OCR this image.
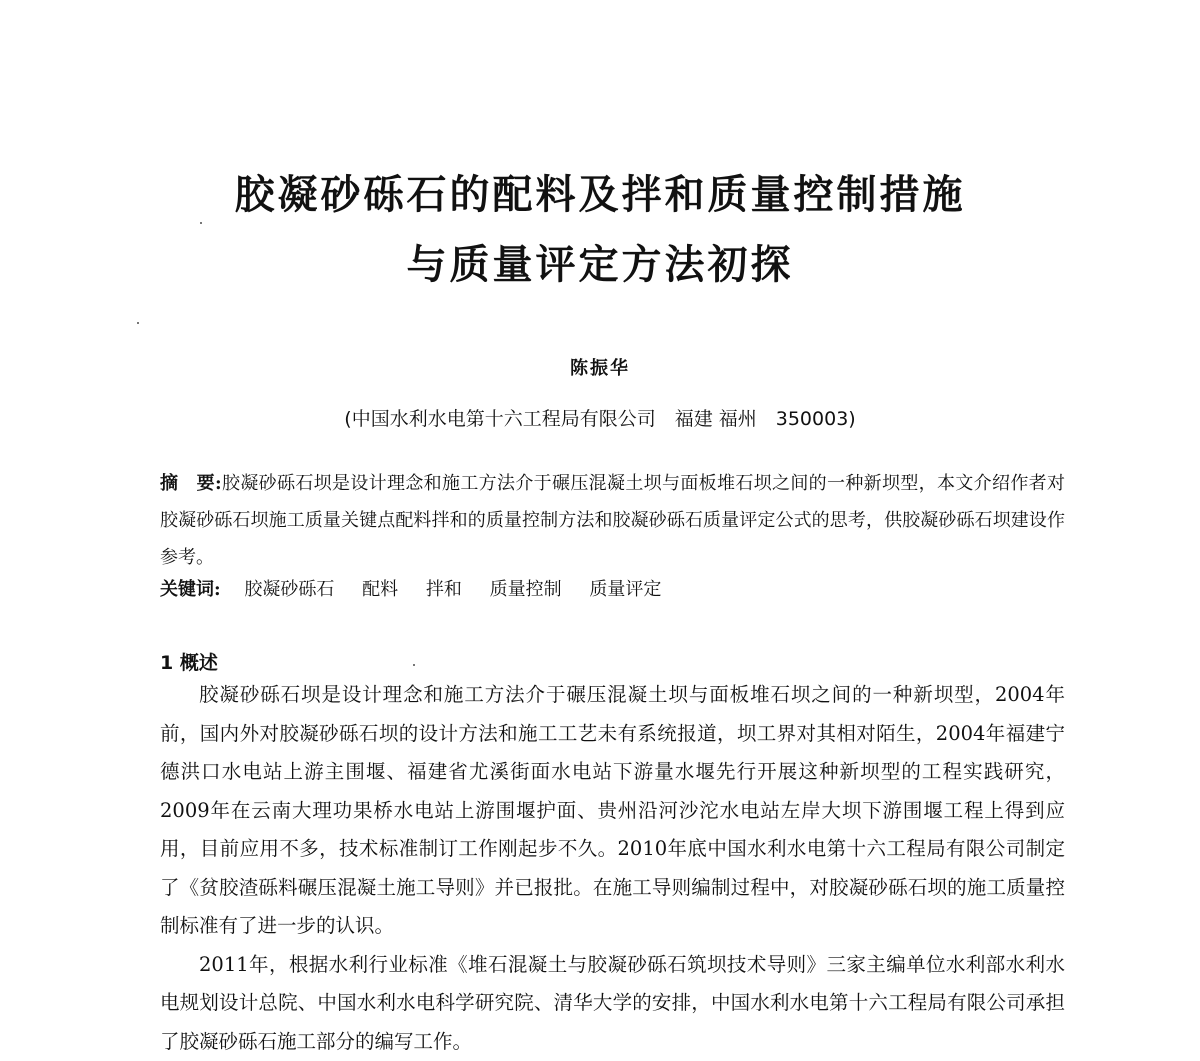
胶凝砂砾石的配料及拌和质量控制措施
与质量评定方法初探
陈振华
(中国水利水电第十六工程局有限公司　福建 福州　350003)
摘　要:胶凝砂砾石坝是设计理念和施工方法介于碾压混凝土坝与面板堆石坝之间的一种新坝型，本文介绍作者对胶凝砂砾石坝施工质量关键点配料拌和的质量控制方法和胶凝砂砾石质量评定公式的思考，供胶凝砂砾石坝建设作参考。
关键词: 胶凝砂砾石 配料 拌和 质量控制 质量评定
1 概述

胶凝砂砾石坝是设计理念和施工方法介于碾压混凝土坝与面板堆石坝之间的一种新坝型，2004年前，国内外对胶凝砂砾石坝的设计方法和施工工艺未有系统报道，坝工界对其相对陌生，2004年福建宁德洪口水电站上游主围堰、福建省尤溪街面水电站下游量水堰先行开展这种新坝型的工程实践研究，2009年在云南大理功果桥水电站上游围堰护面、贵州沿河沙沱水电站左岸大坝下游围堰工程上得到应用，目前应用不多，技术标准制订工作刚起步不久。2010年底中国水利水电第十六工程局有限公司制定了《贫胶渣砾料碾压混凝土施工导则》并已报批。在施工导则编制过程中，对胶凝砂砾石坝的施工质量控制标准有了进一步的认识。

2011年，根据水利行业标准《堆石混凝土与胶凝砂砾石筑坝技术导则》三家主编单位水利部水利水电规划设计总院、中国水利水电科学研究院、清华大学的安排，中国水利水电第十六工程局有限公司承担了胶凝砂砾石施工部分的编写工作。
